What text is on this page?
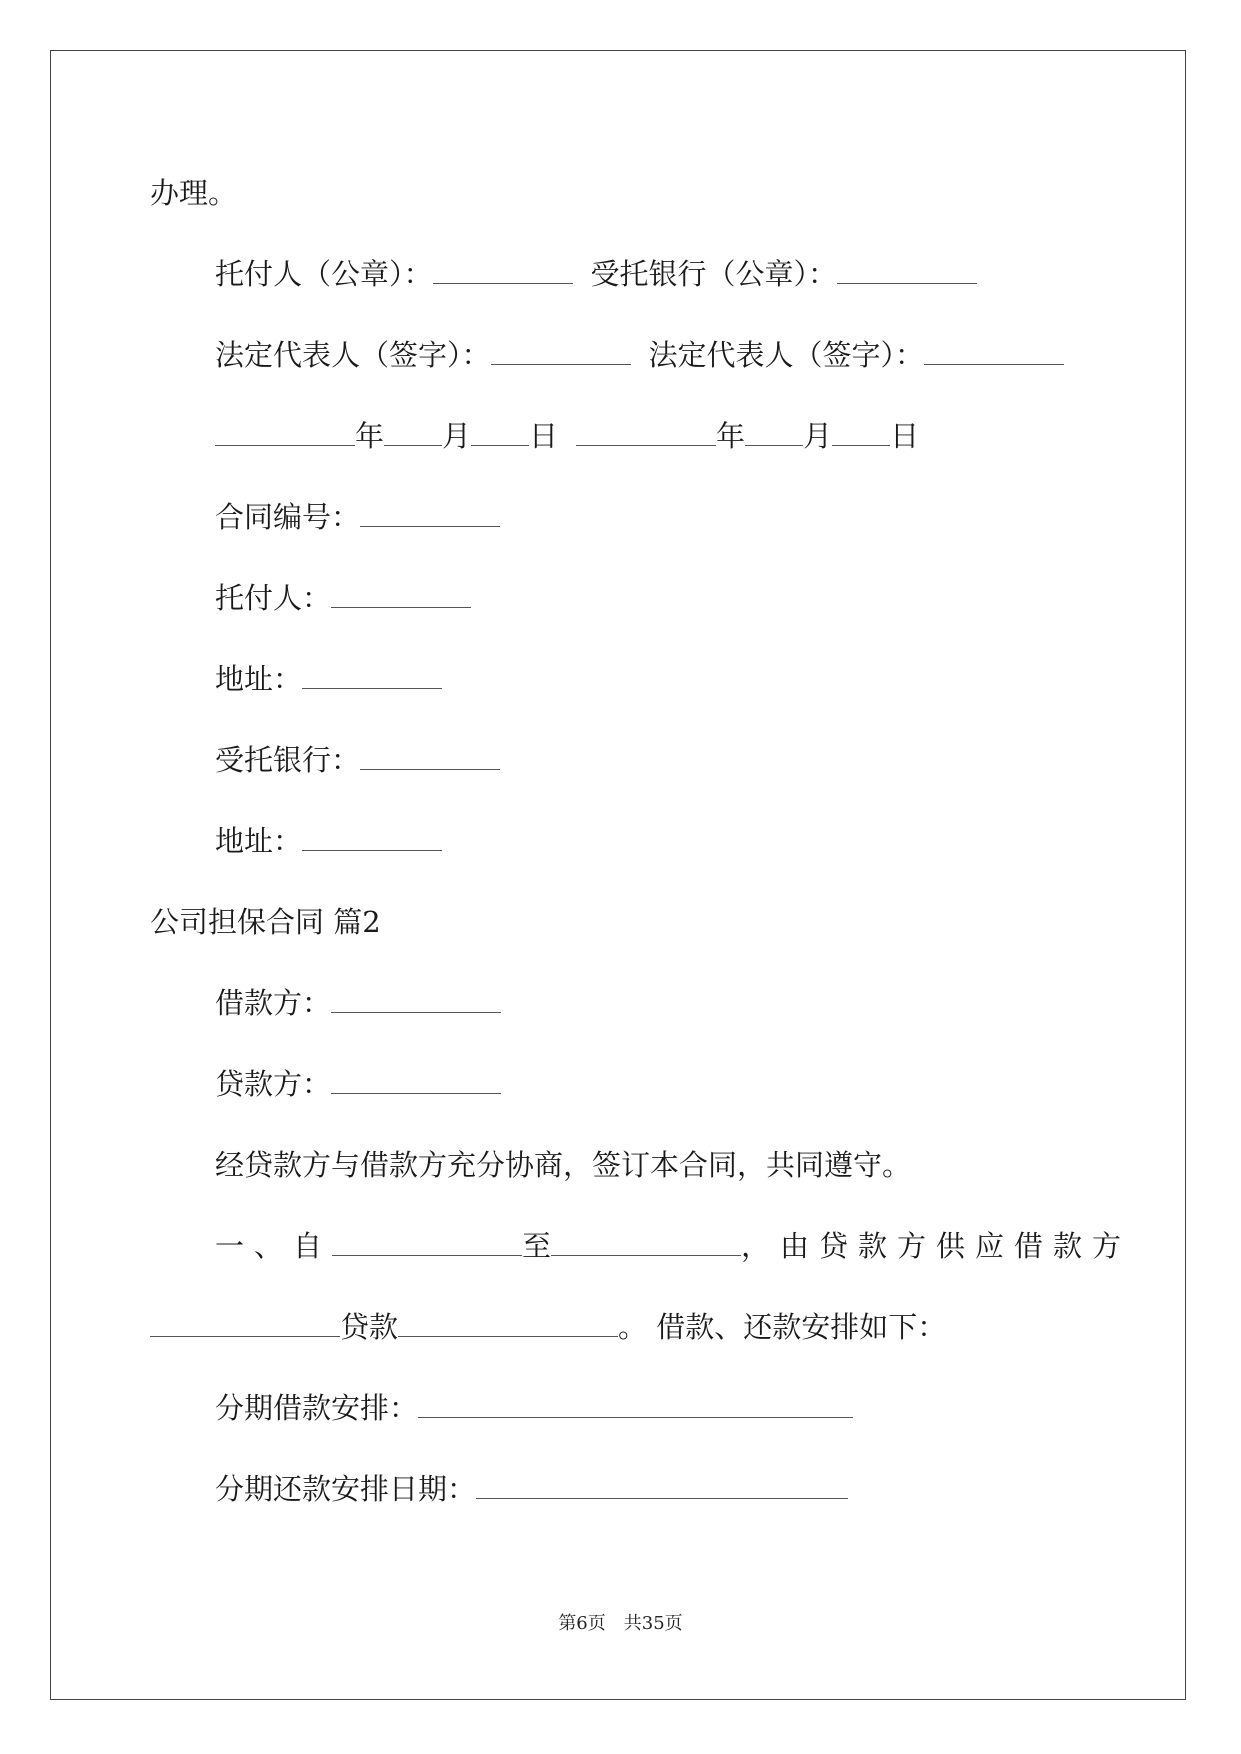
办理。
托付人（公章）：	受托银行（公章）：
法定代表人（签字）：	法定代表人（签字）：
年 月 日	年 月 日
合同编号：
托付人：
地址：
受托银行：
地址：
公司担保合同 篇2
借款方：
贷款方：
经贷款方与借款方充分协商，签订本合同，共同遵守。
一、自	至	，由贷款方供应借款方
贷款	。 借款、还款安排如下：
分期借款安排：
分期还款安排日期：
第6页　共35页
